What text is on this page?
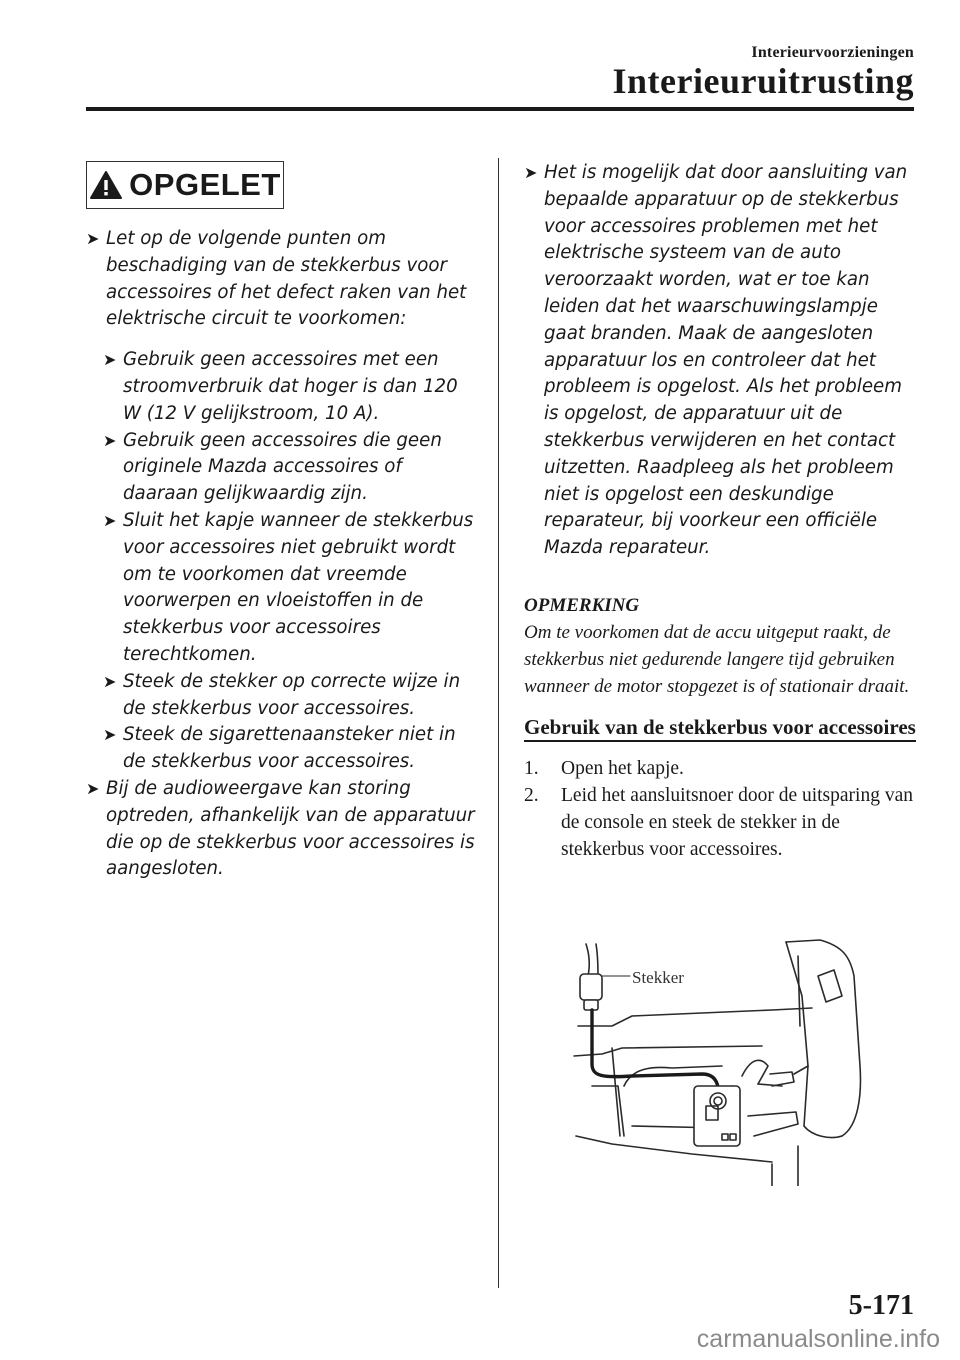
Interieurvoorzieningen
Interieuruitrusting
OPGELET
➤ Let op de volgende punten om beschadiging van de stekkerbus voor accessoires of het defect raken van het elektrische circuit te voorkomen:
➤ Gebruik geen accessoires met een stroomverbruik dat hoger is dan 120 W (12 V gelijkstroom, 10 A).
➤ Gebruik geen accessoires die geen originele Mazda accessoires of daaraan gelijkwaardig zijn.
➤ Sluit het kapje wanneer de stekkerbus voor accessoires niet gebruikt wordt om te voorkomen dat vreemde voorwerpen en vloeistoffen in de stekkerbus voor accessoires terechtkomen.
➤ Steek de stekker op correcte wijze in de stekkerbus voor accessoires.
➤ Steek de sigarettenaansteker niet in de stekkerbus voor accessoires.
➤ Bij de audioweergave kan storing optreden, afhankelijk van de apparatuur die op de stekkerbus voor accessoires is aangesloten.
➤ Het is mogelijk dat door aansluiting van bepaalde apparatuur op de stekkerbus voor accessoires problemen met het elektrische systeem van de auto veroorzaakt worden, wat er toe kan leiden dat het waarschuwingslampje gaat branden. Maak de aangesloten apparatuur los en controleer dat het probleem is opgelost. Als het probleem is opgelost, de apparatuur uit de stekkerbus verwijderen en het contact uitzetten. Raadpleeg als het probleem niet is opgelost een deskundige reparateur, bij voorkeur een officiële Mazda reparateur.
OPMERKING
Om te voorkomen dat de accu uitgeput raakt, de stekkerbus niet gedurende langere tijd gebruiken wanneer de motor stopgezet is of stationair draait.
Gebruik van de stekkerbus voor accessoires
1. Open het kapje.
2. Leid het aansluitsnoer door de uitsparing van de console en steek de stekker in de stekkerbus voor accessoires.
Stekker
5-171
carmanualsonline.info
